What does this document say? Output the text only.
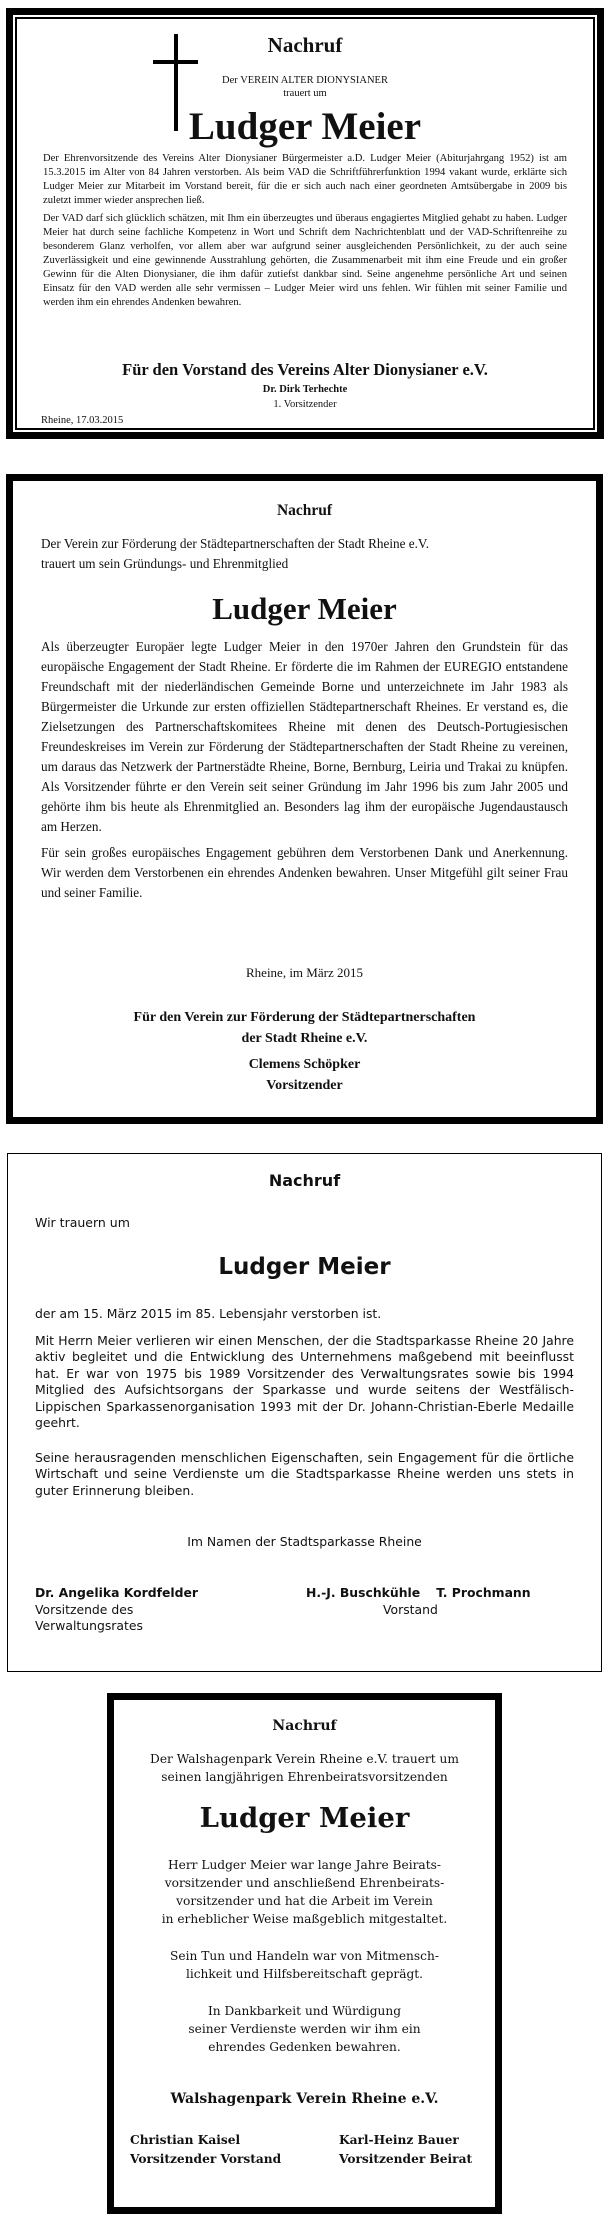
Nachruf
Der VEREIN ALTER DIONYSIANER
trauert um
Ludger Meier

Der Ehrenvorsitzende des Vereins Alter Dionysianer Bürgermeister a.D. Ludger Meier (Abiturjahrgang 1952) ist am 15.3.2015 im Alter von 84 Jahren verstorben. Als beim VAD die Schriftführerfunktion 1994 vakant wurde, erklärte sich Ludger Meier zur Mitarbeit im Vorstand bereit, für die er sich auch nach einer geordneten Amtsübergabe in 2009 bis zuletzt immer wieder ansprechen ließ.

Der VAD darf sich glücklich schätzen, mit Ihm ein überzeugtes und überaus engagiertes Mitglied gehabt zu haben. Ludger Meier hat durch seine fachliche Kompetenz in Wort und Schrift dem Nachrichtenblatt und der VAD-Schriftenreihe zu besonderem Glanz verholfen, vor allem aber war aufgrund seiner ausgleichenden Persönlichkeit, zu der auch seine Zuverlässigkeit und eine gewinnende Ausstrahlung gehörten, die Zusammenarbeit mit ihm eine Freude und ein großer Gewinn für die Alten Dionysianer, die ihm dafür zutiefst dankbar sind. Seine angenehme persönliche Art und seinen Einsatz für den VAD werden alle sehr vermissen – Ludger Meier wird uns fehlen. Wir fühlen mit seiner Familie und werden ihm ein ehrendes Andenken bewahren.

Für den Vorstand des Vereins Alter Dionysianer e.V.
Dr. Dirk Terhechte
1. Vorsitzender
Rheine, 17.03.2015
Nachruf
Der Verein zur Förderung der Städtepartnerschaften der Stadt Rheine e.V.
trauert um sein Gründungs- und Ehrenmitglied
Ludger Meier

Als überzeugter Europäer legte Ludger Meier in den 1970er Jahren den Grundstein für das europäische Engagement der Stadt Rheine. Er förderte die im Rahmen der EUREGIO entstandene Freundschaft mit der niederländischen Gemeinde Borne und unterzeichnete im Jahr 1983 als Bürgermeister die Urkunde zur ersten offiziellen Städtepartnerschaft Rheines. Er verstand es, die Zielsetzungen des Partnerschaftskomitees Rheine mit denen des Deutsch-Portugiesischen Freundeskreises im Verein zur Förderung der Städtepartnerschaften der Stadt Rheine zu vereinen, um daraus das Netzwerk der Partnerstädte Rheine, Borne, Bernburg, Leiria und Trakai zu knüpfen. Als Vorsitzender führte er den Verein seit seiner Gründung im Jahr 1996 bis zum Jahr 2005 und gehörte ihm bis heute als Ehrenmitglied an. Besonders lag ihm der europäische Jugendaustausch am Herzen.

Für sein großes europäisches Engagement gebühren dem Verstorbenen Dank und Anerkennung. Wir werden dem Verstorbenen ein ehrendes Andenken bewahren. Unser Mitgefühl gilt seiner Frau und seiner Familie.

Rheine, im März 2015
Für den Verein zur Förderung der Städtepartnerschaften
der Stadt Rheine e.V.
Clemens Schöpker
Vorsitzender
Nachruf
Wir trauern um
Ludger Meier

der am 15. März 2015 im 85. Lebensjahr verstorben ist.

Mit Herrn Meier verlieren wir einen Menschen, der die Stadtsparkasse Rheine 20 Jahre aktiv begleitet und die Entwicklung des Unternehmens maßgebend mit beeinflusst hat. Er war von 1975 bis 1989 Vorsitzender des Verwaltungsrates sowie bis 1994 Mitglied des Aufsichtsorgans der Sparkasse und wurde seitens der Westfälisch-Lippischen Sparkassenorganisation 1993 mit der Dr. Johann-Christian-Eberle Medaille geehrt.

Seine herausragenden menschlichen Eigenschaften, sein Engagement für die örtliche Wirtschaft und seine Verdienste um die Stadtsparkasse Rheine werden uns stets in guter Erinnerung bleiben.

Im Namen der Stadtsparkasse Rheine
Dr. Angelika Kordfelder
Vorsitzende des
Verwaltungsrates
H.-J. Buschkühle T. Prochmann
Vorstand
Nachruf
Der Walshagenpark Verein Rheine e.V. trauert um
seinen langjährigen Ehrenbeiratsvorsitzenden
Ludger Meier

Herr Ludger Meier war lange Jahre Beirats-
vorsitzender und anschließend Ehrenbeirats-
vorsitzender und hat die Arbeit im Verein
in erheblicher Weise maßgeblich mitgestaltet.

Sein Tun und Handeln war von Mitmensch-
lichkeit und Hilfsbereitschaft geprägt.

In Dankbarkeit und Würdigung
seiner Verdienste werden wir ihm ein
ehrendes Gedenken bewahren.

Walshagenpark Verein Rheine e.V.
Christian Kaisel
Vorsitzender Vorstand
Karl-Heinz Bauer
Vorsitzender Beirat
